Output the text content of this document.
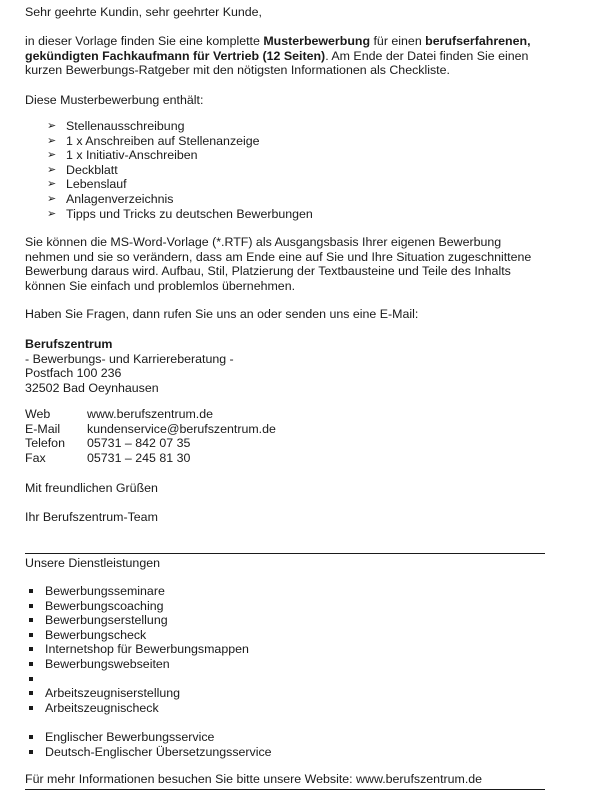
Sehr geehrte Kundin, sehr geehrter Kunde,

in dieser Vorlage finden Sie eine komplette Musterbewerbung für einen berufserfahrenen, gekündigten Fachkaufmann für Vertrieb (12 Seiten). Am Ende der Datei finden Sie einen kurzen Bewerbungs-Ratgeber mit den nötigsten Informationen als Checkliste.

Diese Musterbewerbung enthält:

➢ Stellenausschreibung
➢ 1 x Anschreiben auf Stellenanzeige
➢ 1 x Initiativ-Anschreiben
➢ Deckblatt
➢ Lebenslauf
➢ Anlagenverzeichnis
➢ Tipps und Tricks zu deutschen Bewerbungen

Sie können die MS-Word-Vorlage (*.RTF) als Ausgangsbasis Ihrer eigenen Bewerbung nehmen und sie so verändern, dass am Ende eine auf Sie und Ihre Situation zugeschnittene Bewerbung daraus wird. Aufbau, Stil, Platzierung der Textbausteine und Teile des Inhalts können Sie einfach und problemlos übernehmen.

Haben Sie Fragen, dann rufen Sie uns an oder senden uns eine E-Mail:

Berufszentrum

- Bewerbungs- und Karriereberatung -

Postfach 100 236

32502 Bad Oeynhausen

Web	www.berufszentrum.de
E-Mail	kundenservice@berufszentrum.de
Telefon	05731 – 842 07 35
Fax	05731 – 245 81 30

Mit freundlichen Grüßen

Ihr Berufszentrum-Team

Unsere Dienstleistungen

Bewerbungsseminare
Bewerbungscoaching
Bewerbungserstellung
Bewerbungscheck
Internetshop für Bewerbungsmappen
Bewerbungswebseiten
Arbeitszeugniserstellung
Arbeitszeugnischeck
Englischer Bewerbungsservice
Deutsch-Englischer Übersetzungsservice

Für mehr Informationen besuchen Sie bitte unsere Website: www.berufszentrum.de
